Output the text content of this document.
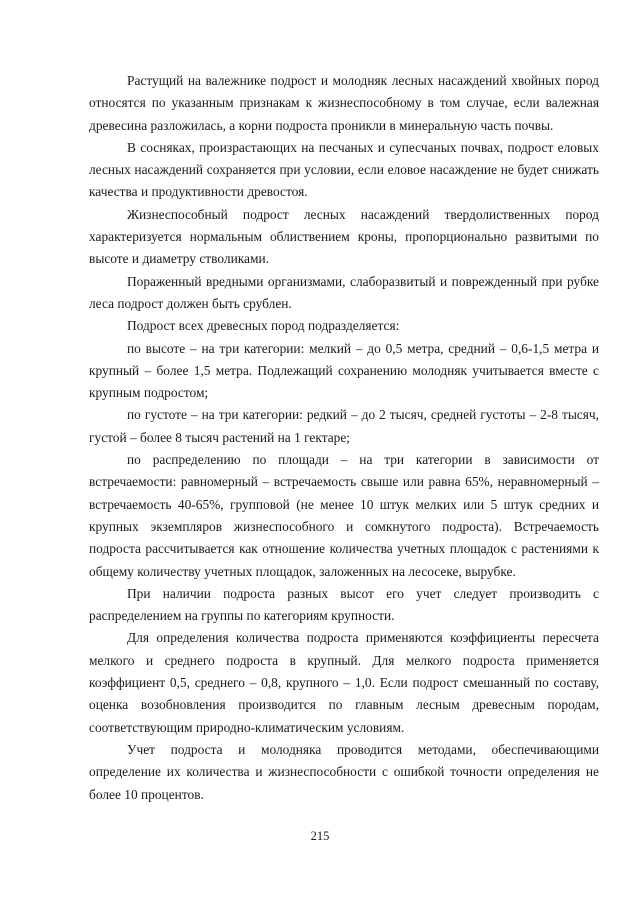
Растущий на валежнике подрост и молодняк лесных насаждений хвойных пород относятся по указанным признакам к жизнеспособному в том случае, если валежная древесина разложилась, а корни подроста проникли в минеральную часть почвы.

В сосняках, произрастающих на песчаных и супесчаных почвах, подрост еловых лесных насаждений сохраняется при условии, если еловое насаждение не будет снижать качества и продуктивности древостоя.

Жизнеспособный подрост лесных насаждений твердолиственных пород характеризуется нормальным облиствением кроны, пропорционально развитыми по высоте и диаметру стволиками.

Пораженный вредными организмами, слаборазвитый и поврежденный при рубке леса подрост должен быть срублен.

Подрост всех древесных пород подразделяется:

по высоте – на три категории: мелкий – до 0,5 метра, средний – 0,6-1,5 метра и крупный – более 1,5 метра. Подлежащий сохранению молодняк учитывается вместе с крупным подростом;

по густоте – на три категории: редкий – до 2 тысяч, средней густоты – 2-8 тысяч, густой – более 8 тысяч растений на 1 гектаре;

по распределению по площади – на три категории в зависимости от встречаемости: равномерный – встречаемость свыше или равна 65%, неравномерный – встречаемость 40-65%, групповой (не менее 10 штук мелких или 5 штук средних и крупных экземпляров жизнеспособного и сомкнутого подроста). Встречаемость подроста рассчитывается как отношение количества учетных площадок с растениями к общему количеству учетных площадок, заложенных на лесосеке, вырубке.

При наличии подроста разных высот его учет следует производить с распределением на группы по категориям крупности.

Для определения количества подроста применяются коэффициенты пересчета мелкого и среднего подроста в крупный. Для мелкого подроста применяется коэффициент 0,5, среднего – 0,8, крупного – 1,0. Если подрост смешанный по составу, оценка возобновления производится по главным лесным древесным породам, соответствующим природно-климатическим условиям.

Учет подроста и молодняка проводится методами, обеспечивающими определение их количества и жизнеспособности с ошибкой точности определения не более 10 процентов.

215
